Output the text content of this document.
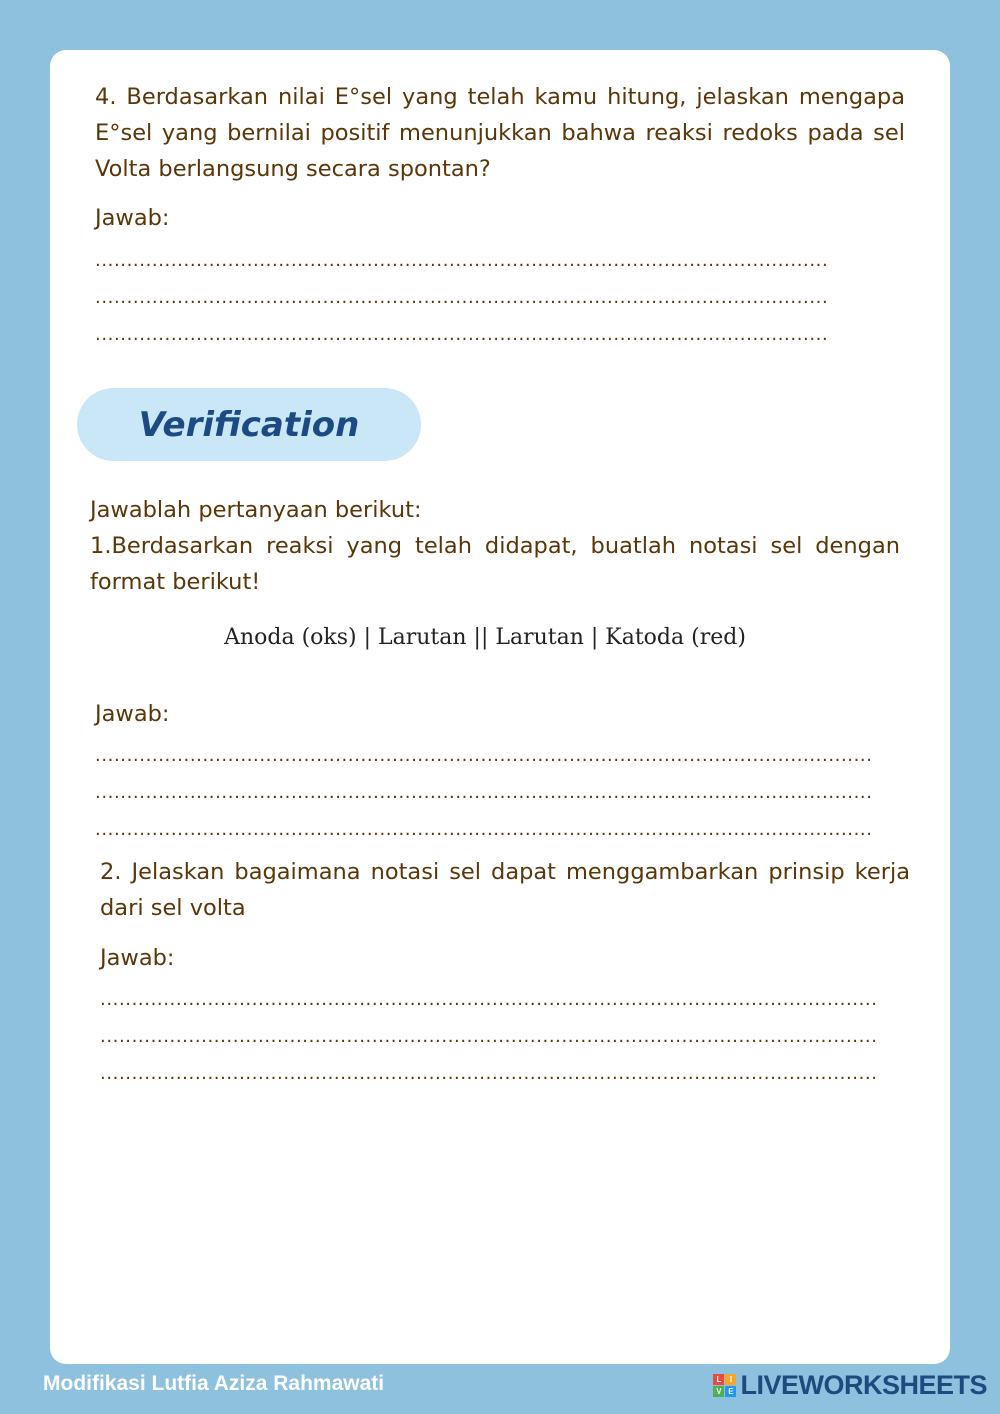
4. Berdasarkan nilai E°sel yang telah kamu hitung, jelaskan mengapa E°sel yang bernilai positif menunjukkan bahwa reaksi redoks pada sel Volta berlangsung secara spontan?

Jawab:

....................................................................................................................

....................................................................................................................

....................................................................................................................

Verification

Jawablah pertanyaan berikut:

1.Berdasarkan reaksi yang telah didapat, buatlah notasi sel dengan format berikut!

Anoda (oks) | Larutan || Larutan | Katoda (red)

Jawab:

...........................................................................................................................

...........................................................................................................................

...........................................................................................................................

2. Jelaskan bagaimana notasi sel dapat menggambarkan prinsip kerja dari sel volta

Jawab:

...........................................................................................................................

...........................................................................................................................

...........................................................................................................................

Modifikasi Lutfia Aziza Rahmawati	L	I
V E LIVEWORKSHEETS
